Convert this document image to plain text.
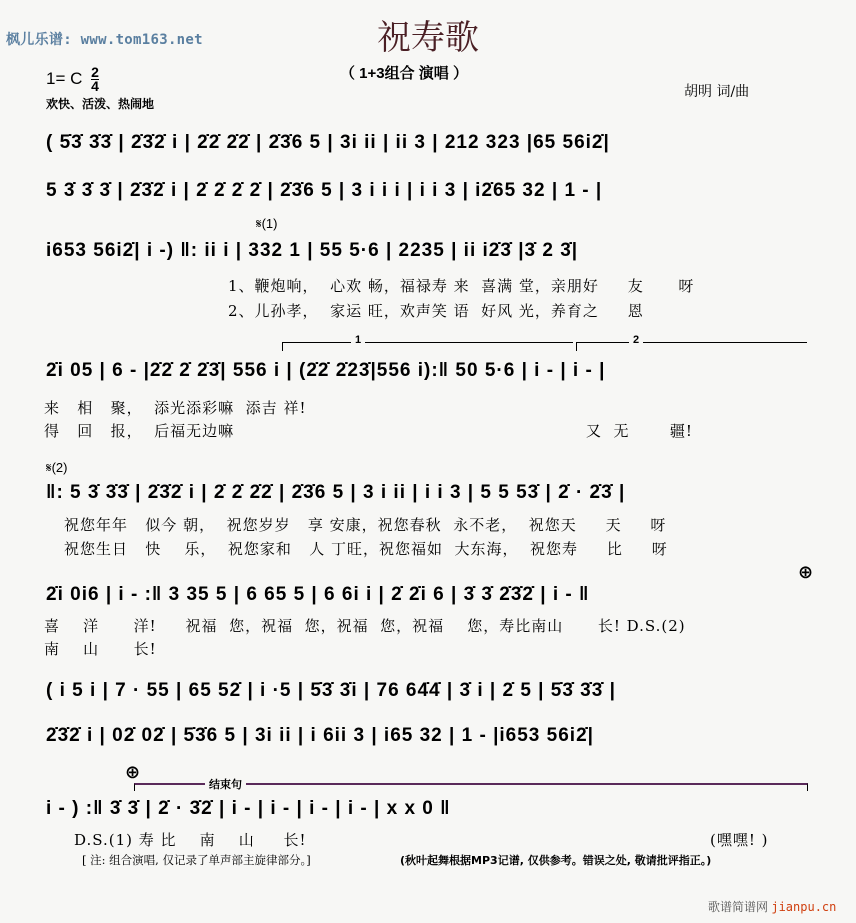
枫儿乐谱: www.tom163.net	祝寿歌
（ 1+3组合 演唱 ）
1= C $\frac{2}{4}$
欢快、活泼、热闹地
胡明 词/曲
( 5̇3̇ 3̇3̇ | 2̇3̇2̇ i | 2̇2̇ 2̇2̇ | 2̇3̇6 5 | 3i ii | ii 3 | 212 323 |65 56i2̇|
5 3̇ 3̇ 3̇ | 2̇3̇2̇ i | 2̇ 2̇ 2̇ 2̇ | 2̇3̇6 5 | 3 i i i | i i 3 | i2̇65 32 | 1 - |
𝄋(1)
i653 56i2̇| i -) ‖: ii i | 332 1 | 55 5·6 | 2235 | ii i2̇3̇ |3̇ 2 3̇|
1、鞭炮响，  心欢 畅，福禄寿 来  喜满 堂，亲朋好     友      呀
2、儿孙孝，  家运 旺，欢声笑 语  好风 光，养育之     恩
1	2
2̇i 05 | 6 - |2̇2̇ 2̇ 2̇3̇| 556 i | (2̇2̇ 2̇23̇|556 i):‖ 50 5·6 | i - | i - |
来   相   聚，  添光添彩嘛  添吉 祥!
得   回   报，  后福无边嘛	又  无       疆!
𝄋(2)
‖: 5 3̇ 3̇3̇ | 2̇3̇2̇ i | 2̇ 2̇ 2̇2̇ | 2̇3̇6 5 | 3 i ii | i i 3 | 5 5 53̇ | 2̇ · 2̇3̇ |
祝您年年   似今 朝，  祝您岁岁   享 安康，祝您春秋  永不老，  祝您天     天     呀
祝您生日   快    乐，  祝您家和   人 丁旺，祝您福如  大东海，  祝您寿     比     呀
⊕
2̇i 0i6 | i - :‖ 3 35 5 | 6 65 5 | 6 6i i | 2̇ 2̇i 6 | 3̇ 3̇ 2̇3̇2̇ | i - ‖
喜    洋      洋!     祝福  您，祝福  您，祝福  您，祝福    您，寿比南山      长! D.S.(2)
南    山      长!
( i 5 i | 7 · 55 | 65 52̇ | i ·5 | 5̇3̇ 3̇i | 76 64̇4̇ | 3̇ i | 2̇ 5 | 5̇3̇ 3̇3̇ |
2̇3̇2̇ i | 02̇ 02̇ | 5̇3̇6 5 | 3i ii | i 6ii 3 | i65 32 | 1 - |i653 56i2̇|
⊕
结束句
i - ) :‖ 3̇ 3̇ | 2̇ · 3̇2̇ | i - | i - | i - | i - | x x 0 ‖
D.S.(1) 寿 比    南    山     长!	(嘿嘿! )
[ 注: 组合演唱, 仅记录了单声部主旋律部分。]	(秋叶起舞根据MP3记谱, 仅供参考。错误之处, 敬请批评指正。)
歌谱简谱网 jianpu.cn
